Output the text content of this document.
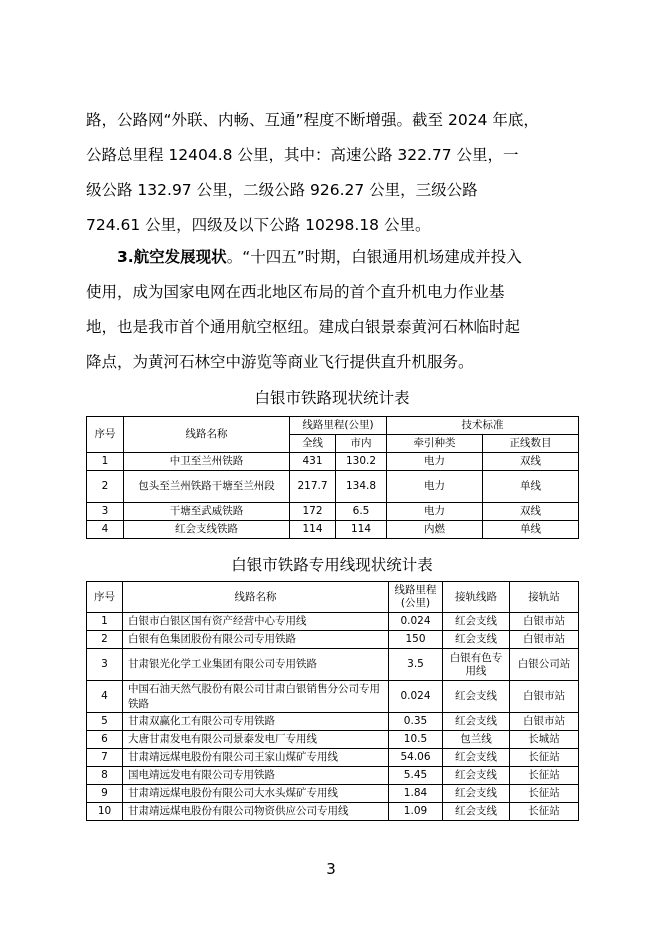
路，公路网“外联、内畅、互通”程度不断增强。截至 2024 年底，
公路总里程 12404.8 公里，其中：高速公路 322.77 公里，一
级公路 132.97 公里，二级公路 926.27 公里，三级公路
724.61 公里，四级及以下公路 10298.18 公里。

3.航空发展现状。“十四五”时期，白银通用机场建成并投入
使用，成为国家电网在西北地区布局的首个直升机电力作业基
地，也是我市首个通用航空枢纽。建成白银景泰黄河石林临时起
降点，为黄河石林空中游览等商业飞行提供直升机服务。

白银市铁路现状统计表

序号	线路名称	线路里程(公里)		技术标准	
		全线	市内	牵引种类	正线数目
1	中卫至兰州铁路	431	130.2	电力	双线
2	包头至兰州铁路干塘至兰州段	217.7	134.8	电力	单线
3	干塘至武威铁路	172	6.5	电力	双线
4	红会支线铁路	114	114	内燃	单线

白银市铁路专用线现状统计表

序号	线路名称	线路里程(公里)	接轨线路	接轨站
1	白银市白银区国有资产经营中心专用线	0.024	红会支线	白银市站
2	白银有色集团股份有限公司专用铁路	150	红会支线	白银市站
3	甘肃银光化学工业集团有限公司专用铁路	3.5	白银有色专用线	白银公司站
4	中国石油天然气股份有限公司甘肃白银销售分公司专用铁路	0.024	红会支线	白银市站
5	甘肃双赢化工有限公司专用铁路	0.35	红会支线	白银市站
6	大唐甘肃发电有限公司景泰发电厂专用线	10.5	包兰线	长城站
7	甘肃靖远煤电股份有限公司王家山煤矿专用线	54.06	红会支线	长征站
8	国电靖远发电有限公司专用铁路	5.45	红会支线	长征站
9	甘肃靖远煤电股份有限公司大水头煤矿专用线	1.84	红会支线	长征站
10	甘肃靖远煤电股份有限公司物资供应公司专用线	1.09	红会支线	长征站
3
